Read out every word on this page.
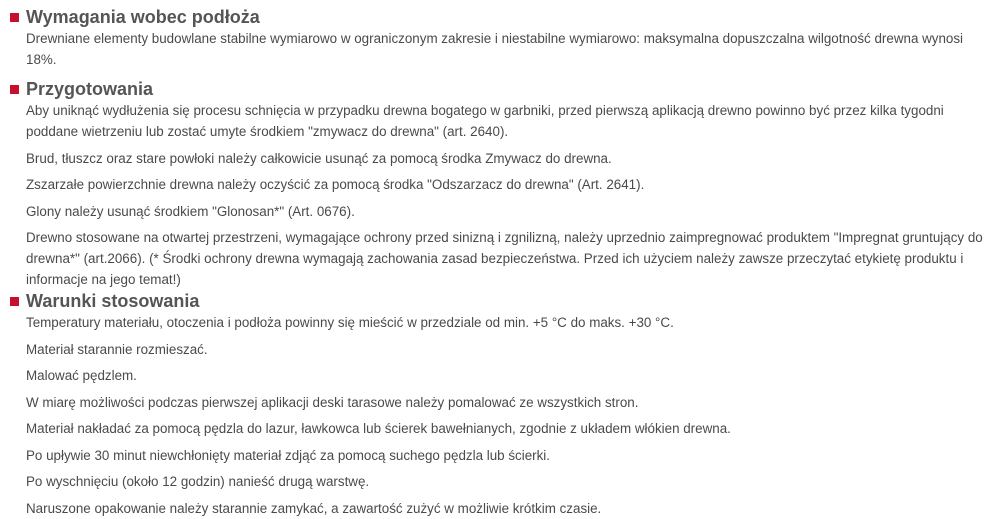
Wymagania wobec podłoża

Drewniane elementy budowlane stabilne wymiarowo w ograniczonym zakresie i niestabilne wymiarowo: maksymalna dopuszczalna wilgotność drewna wynosi 18%.

Przygotowania

Aby uniknąć wydłużenia się procesu schnięcia w przypadku drewna bogatego w garbniki, przed pierwszą aplikacją drewno powinno być przez kilka tygodni poddane wietrzeniu lub zostać umyte środkiem "zmywacz do drewna" (art. 2640).

Brud, tłuszcz oraz stare powłoki należy całkowicie usunąć za pomocą środka Zmywacz do drewna.

Zszarzałe powierzchnie drewna należy oczyścić za pomocą środka "Odszarzacz do drewna" (Art. 2641).

Glony należy usunąć środkiem "Glonosan*" (Art. 0676).

Drewno stosowane na otwartej przestrzeni, wymagające ochrony przed sinizną i zgnilizną, należy uprzednio zaimpregnować produktem "Impregnat gruntujący do drewna*" (art.2066). (* Środki ochrony drewna wymagają zachowania zasad bezpieczeństwa. Przed ich użyciem należy zawsze przeczytać etykietę produktu i informacje na jego temat!)

Warunki stosowania

Temperatury materiału, otoczenia i podłoża powinny się mieścić w przedziale od min. +5 °C do maks. +30 °C.

Materiał starannie rozmieszać.

Malować pędzlem.

W miarę możliwości podczas pierwszej aplikacji deski tarasowe należy pomalować ze wszystkich stron.

Materiał nakładać za pomocą pędzla do lazur, ławkowca lub ścierek bawełnianych, zgodnie z układem włókien drewna.

Po upływie 30 minut niewchłonięty materiał zdjąć za pomocą suchego pędzla lub ścierki.

Po wyschnięciu (około 12 godzin) nanieść drugą warstwę.

Naruszone opakowanie należy starannie zamykać, a zawartość zużyć w możliwie krótkim czasie.
